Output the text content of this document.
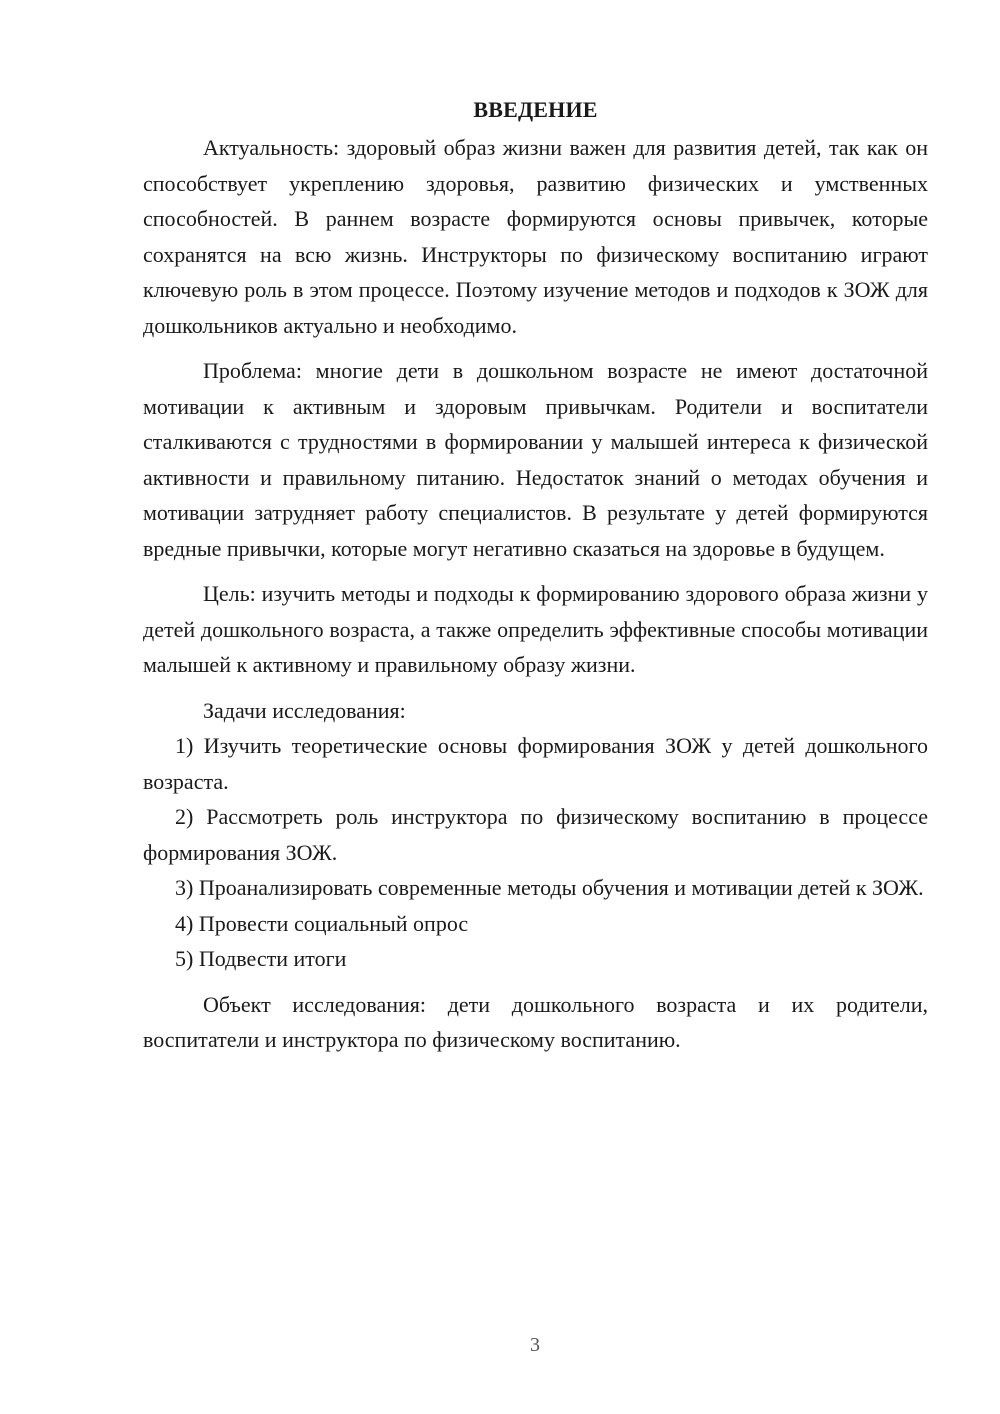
ВВЕДЕНИЕ

Актуальность: здоровый образ жизни важен для развития детей, так как он способствует укреплению здоровья, развитию физических и умственных способностей. В раннем возрасте формируются основы привычек, которые сохранятся на всю жизнь. Инструкторы по физическому воспитанию играют ключевую роль в этом процессе. Поэтому изучение методов и подходов к ЗОЖ для дошкольников актуально и необходимо.

Проблема: многие дети в дошкольном возрасте не имеют достаточной мотивации к активным и здоровым привычкам. Родители и воспитатели сталкиваются с трудностями в формировании у малышей интереса к физической активности и правильному питанию. Недостаток знаний о методах обучения и мотивации затрудняет работу специалистов. В результате у детей формируются вредные привычки, которые могут негативно сказаться на здоровье в будущем.

Цель: изучить методы и подходы к формированию здорового образа жизни у детей дошкольного возраста, а также определить эффективные способы мотивации малышей к активному и правильному образу жизни.

Задачи исследования:

1) Изучить теоретические основы формирования ЗОЖ у детей дошкольного возраста.

2) Рассмотреть роль инструктора по физическому воспитанию в процессе формирования ЗОЖ.

3) Проанализировать современные методы обучения и мотивации детей к ЗОЖ.

4) Провести социальный опрос

5) Подвести итоги

Объект исследования: дети дошкольного возраста и их родители, воспитатели и инструктора по физическому воспитанию.

3
